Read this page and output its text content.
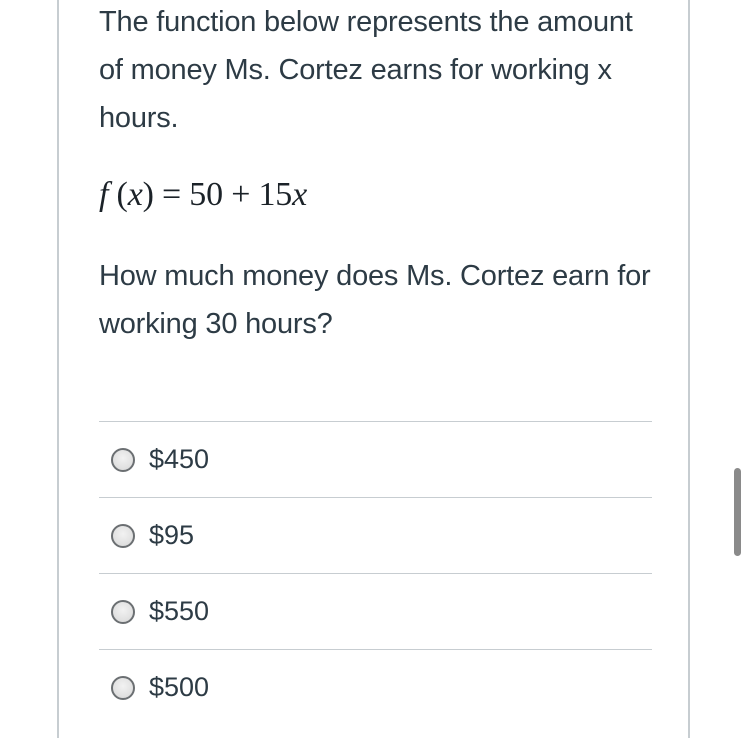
The function below represents the amount of money Ms. Cortez earns for working x hours.

f (x) = 50 + 15x

How much money does Ms. Cortez earn for working 30 hours?

$450
$95
$550
$500
